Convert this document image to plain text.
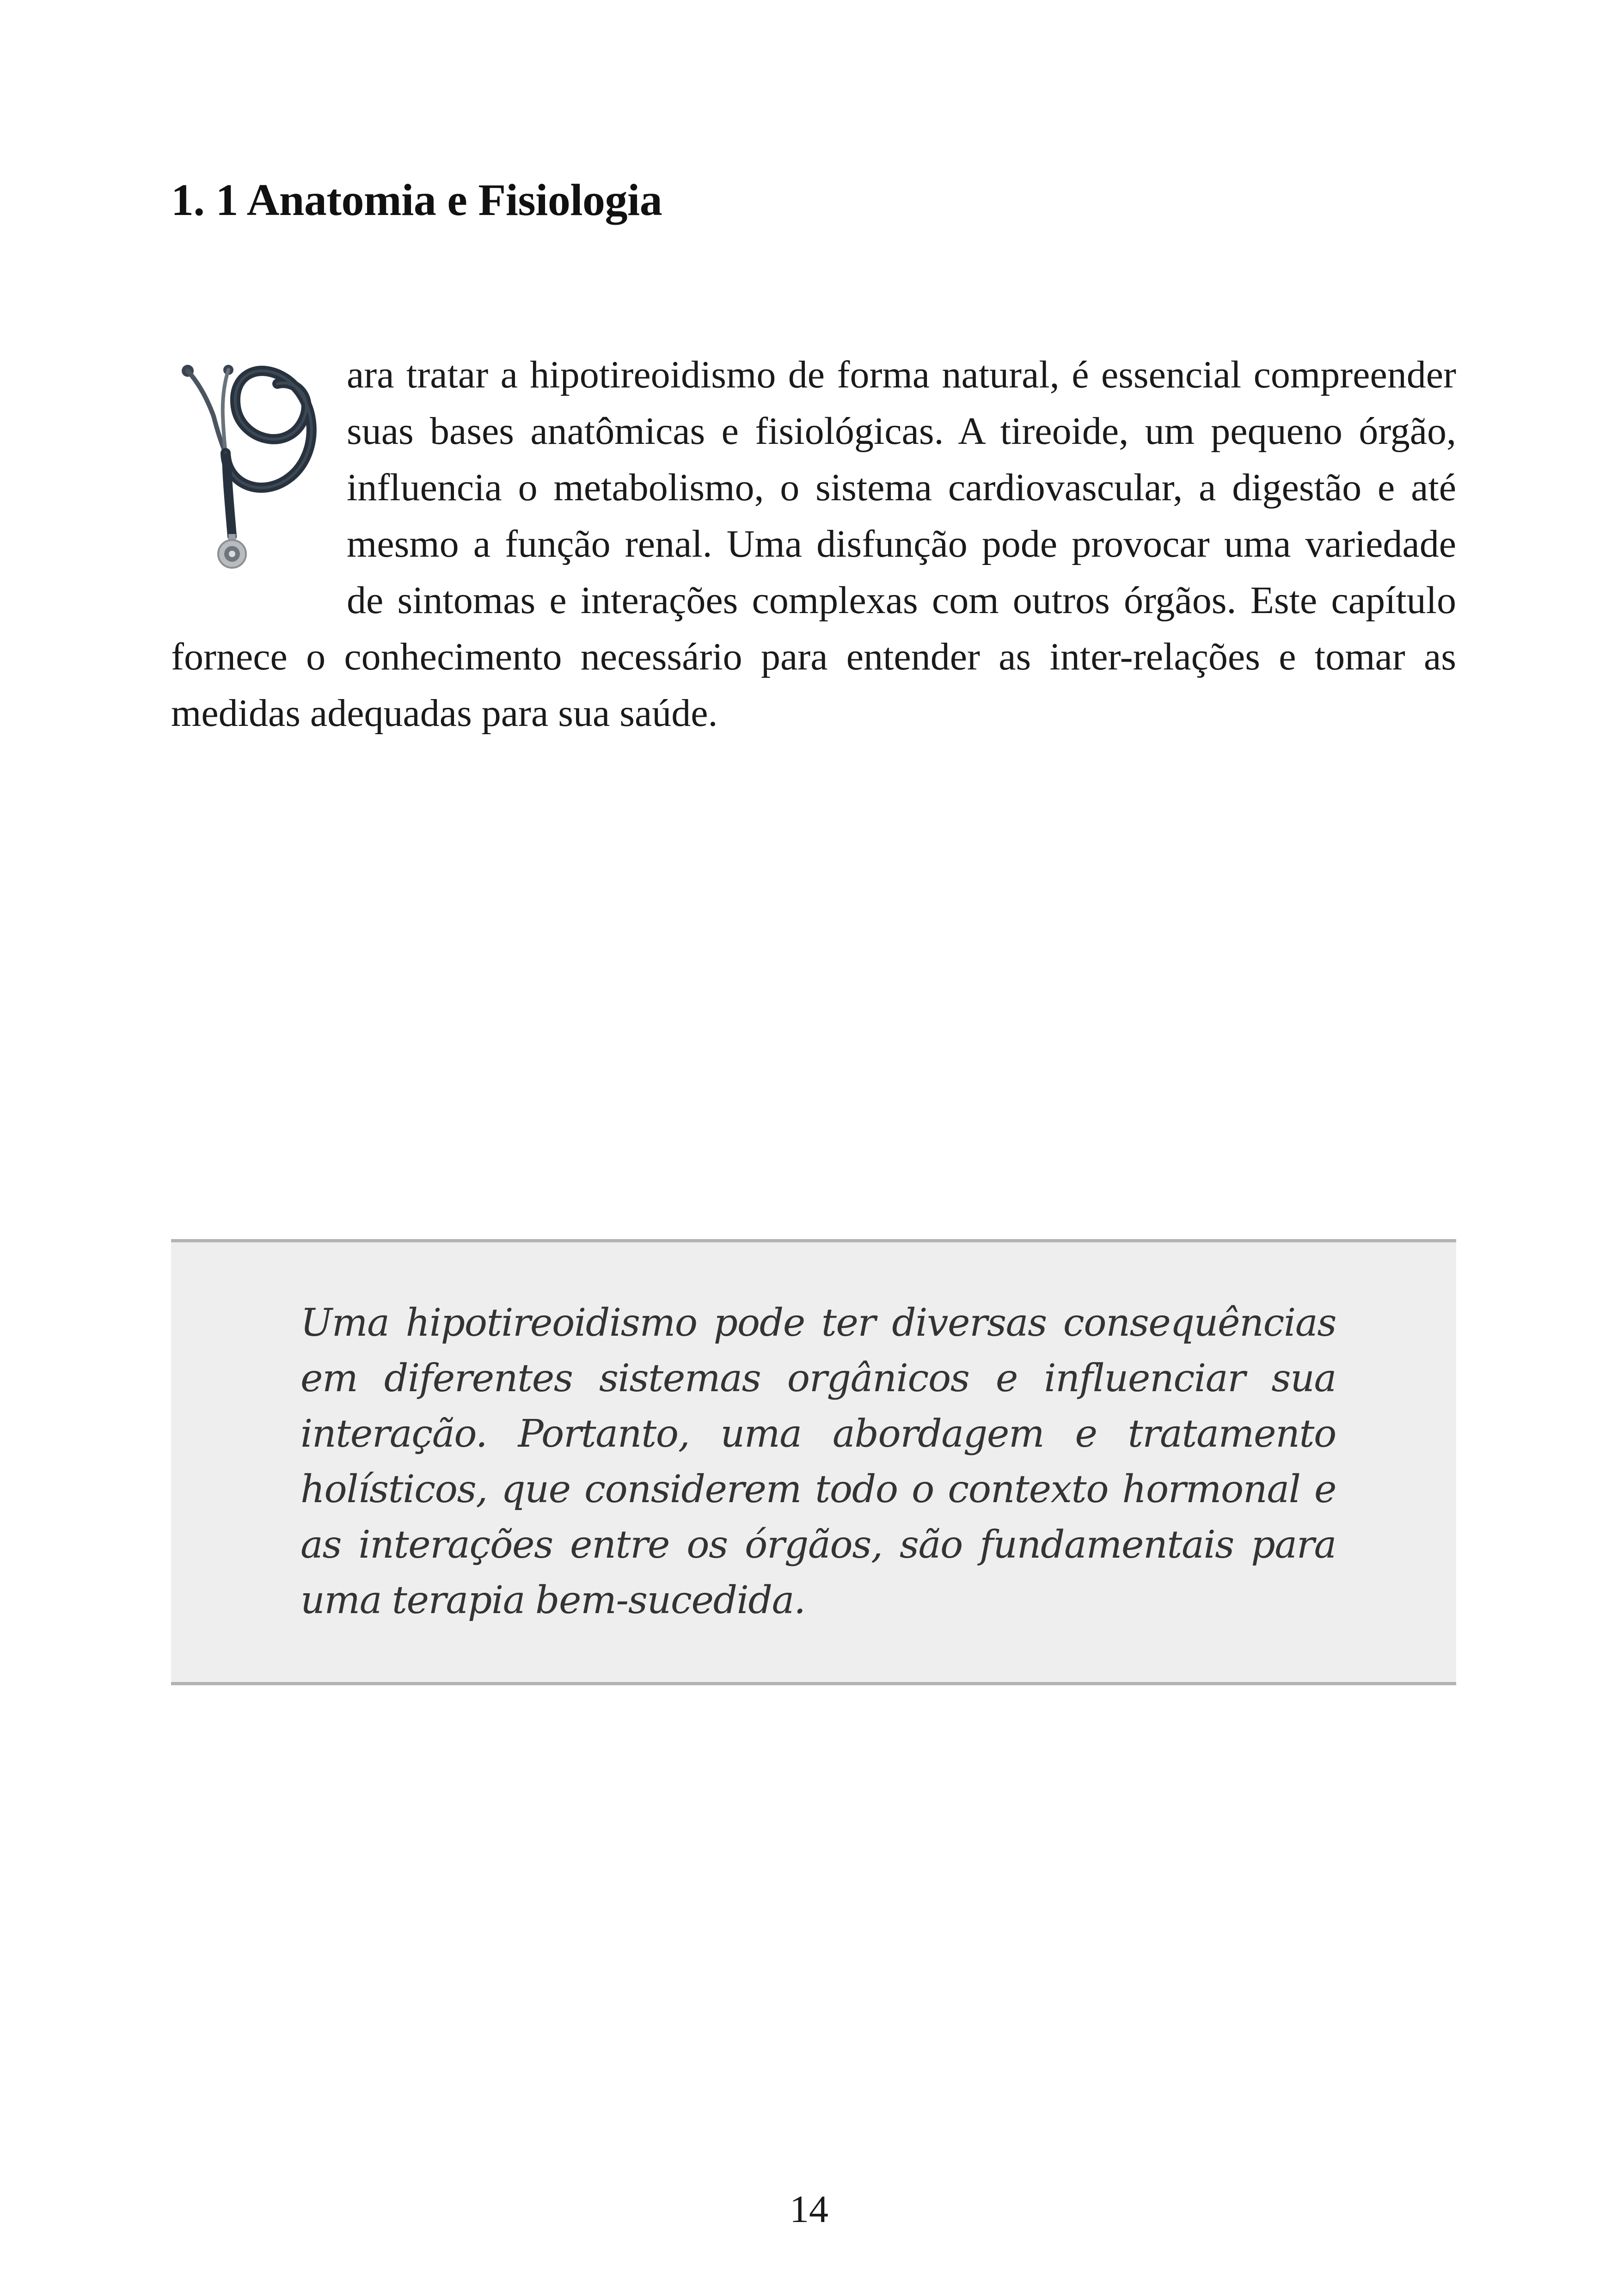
1. 1 Anatomia e Fisiologia

ara tratar a hipotireoidismo de forma natural, é essencial compreender suas bases anatômicas e fisiológicas. A tireoide, um pequeno órgão, influencia o metabolismo, o sistema cardiovascular, a digestão e até mesmo a função renal. Uma disfunção pode provocar uma variedade de sintomas e interações complexas com outros órgãos. Este capítulo fornece o conhecimento necessário para entender as inter-relações e tomar as medidas adequadas para sua saúde.

Uma hipotireoidismo pode ter diversas consequências em diferentes sistemas orgânicos e influenciar sua interação. Portanto, uma abordagem e tratamento holísticos, que considerem todo o contexto hormonal e as interações entre os órgãos, são fundamentais para uma terapia bem-sucedida.

14
